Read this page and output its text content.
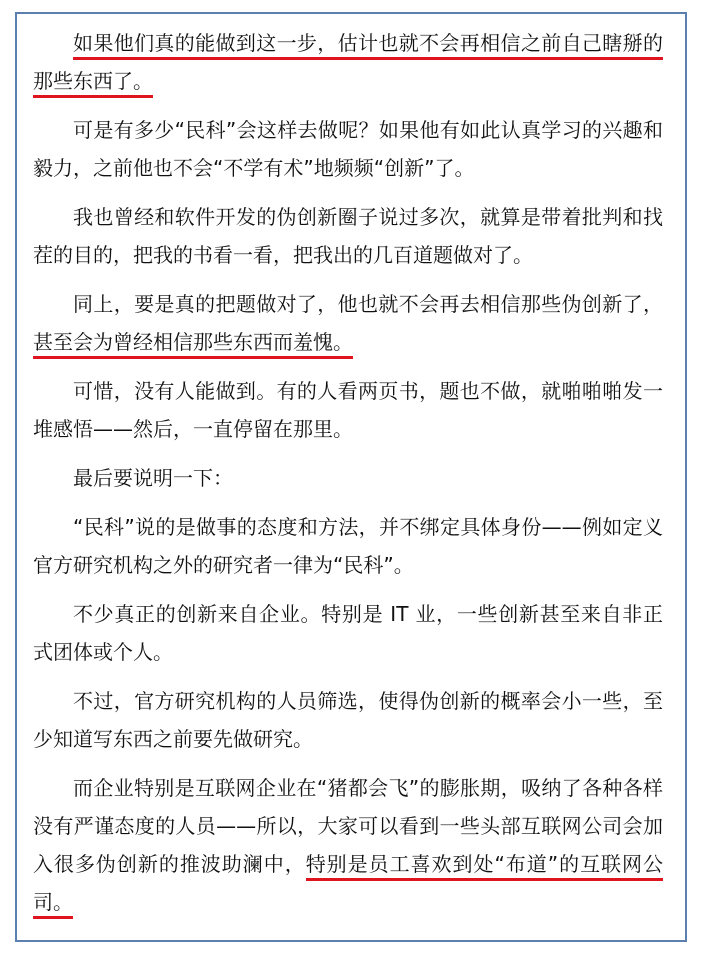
如果他们真的能做到这一步，估计也就不会再相信之前自己瞎掰的那些东西了。

可是有多少“民科”会这样去做呢？如果他有如此认真学习的兴趣和毅力，之前他也不会“不学有术”地频频“创新”了。

我也曾经和软件开发的伪创新圈子说过多次，就算是带着批判和找茬的目的，把我的书看一看，把我出的几百道题做对了。

同上，要是真的把题做对了，他也就不会再去相信那些伪创新了，甚至会为曾经相信那些东西而羞愧。

可惜，没有人能做到。有的人看两页书，题也不做，就啪啪啪发一堆感悟——然后，一直停留在那里。

最后要说明一下：

“民科”说的是做事的态度和方法，并不绑定具体身份——例如定义官方研究机构之外的研究者一律为“民科”。

不少真正的创新来自企业。特别是 IT 业，一些创新甚至来自非正式团体或个人。

不过，官方研究机构的人员筛选，使得伪创新的概率会小一些，至少知道写东西之前要先做研究。

而企业特别是互联网企业在“猪都会飞”的膨胀期，吸纳了各种各样没有严谨态度的人员——所以，大家可以看到一些头部互联网公司会加入很多伪创新的推波助澜中，特别是员工喜欢到处“布道”的互联网公司。
